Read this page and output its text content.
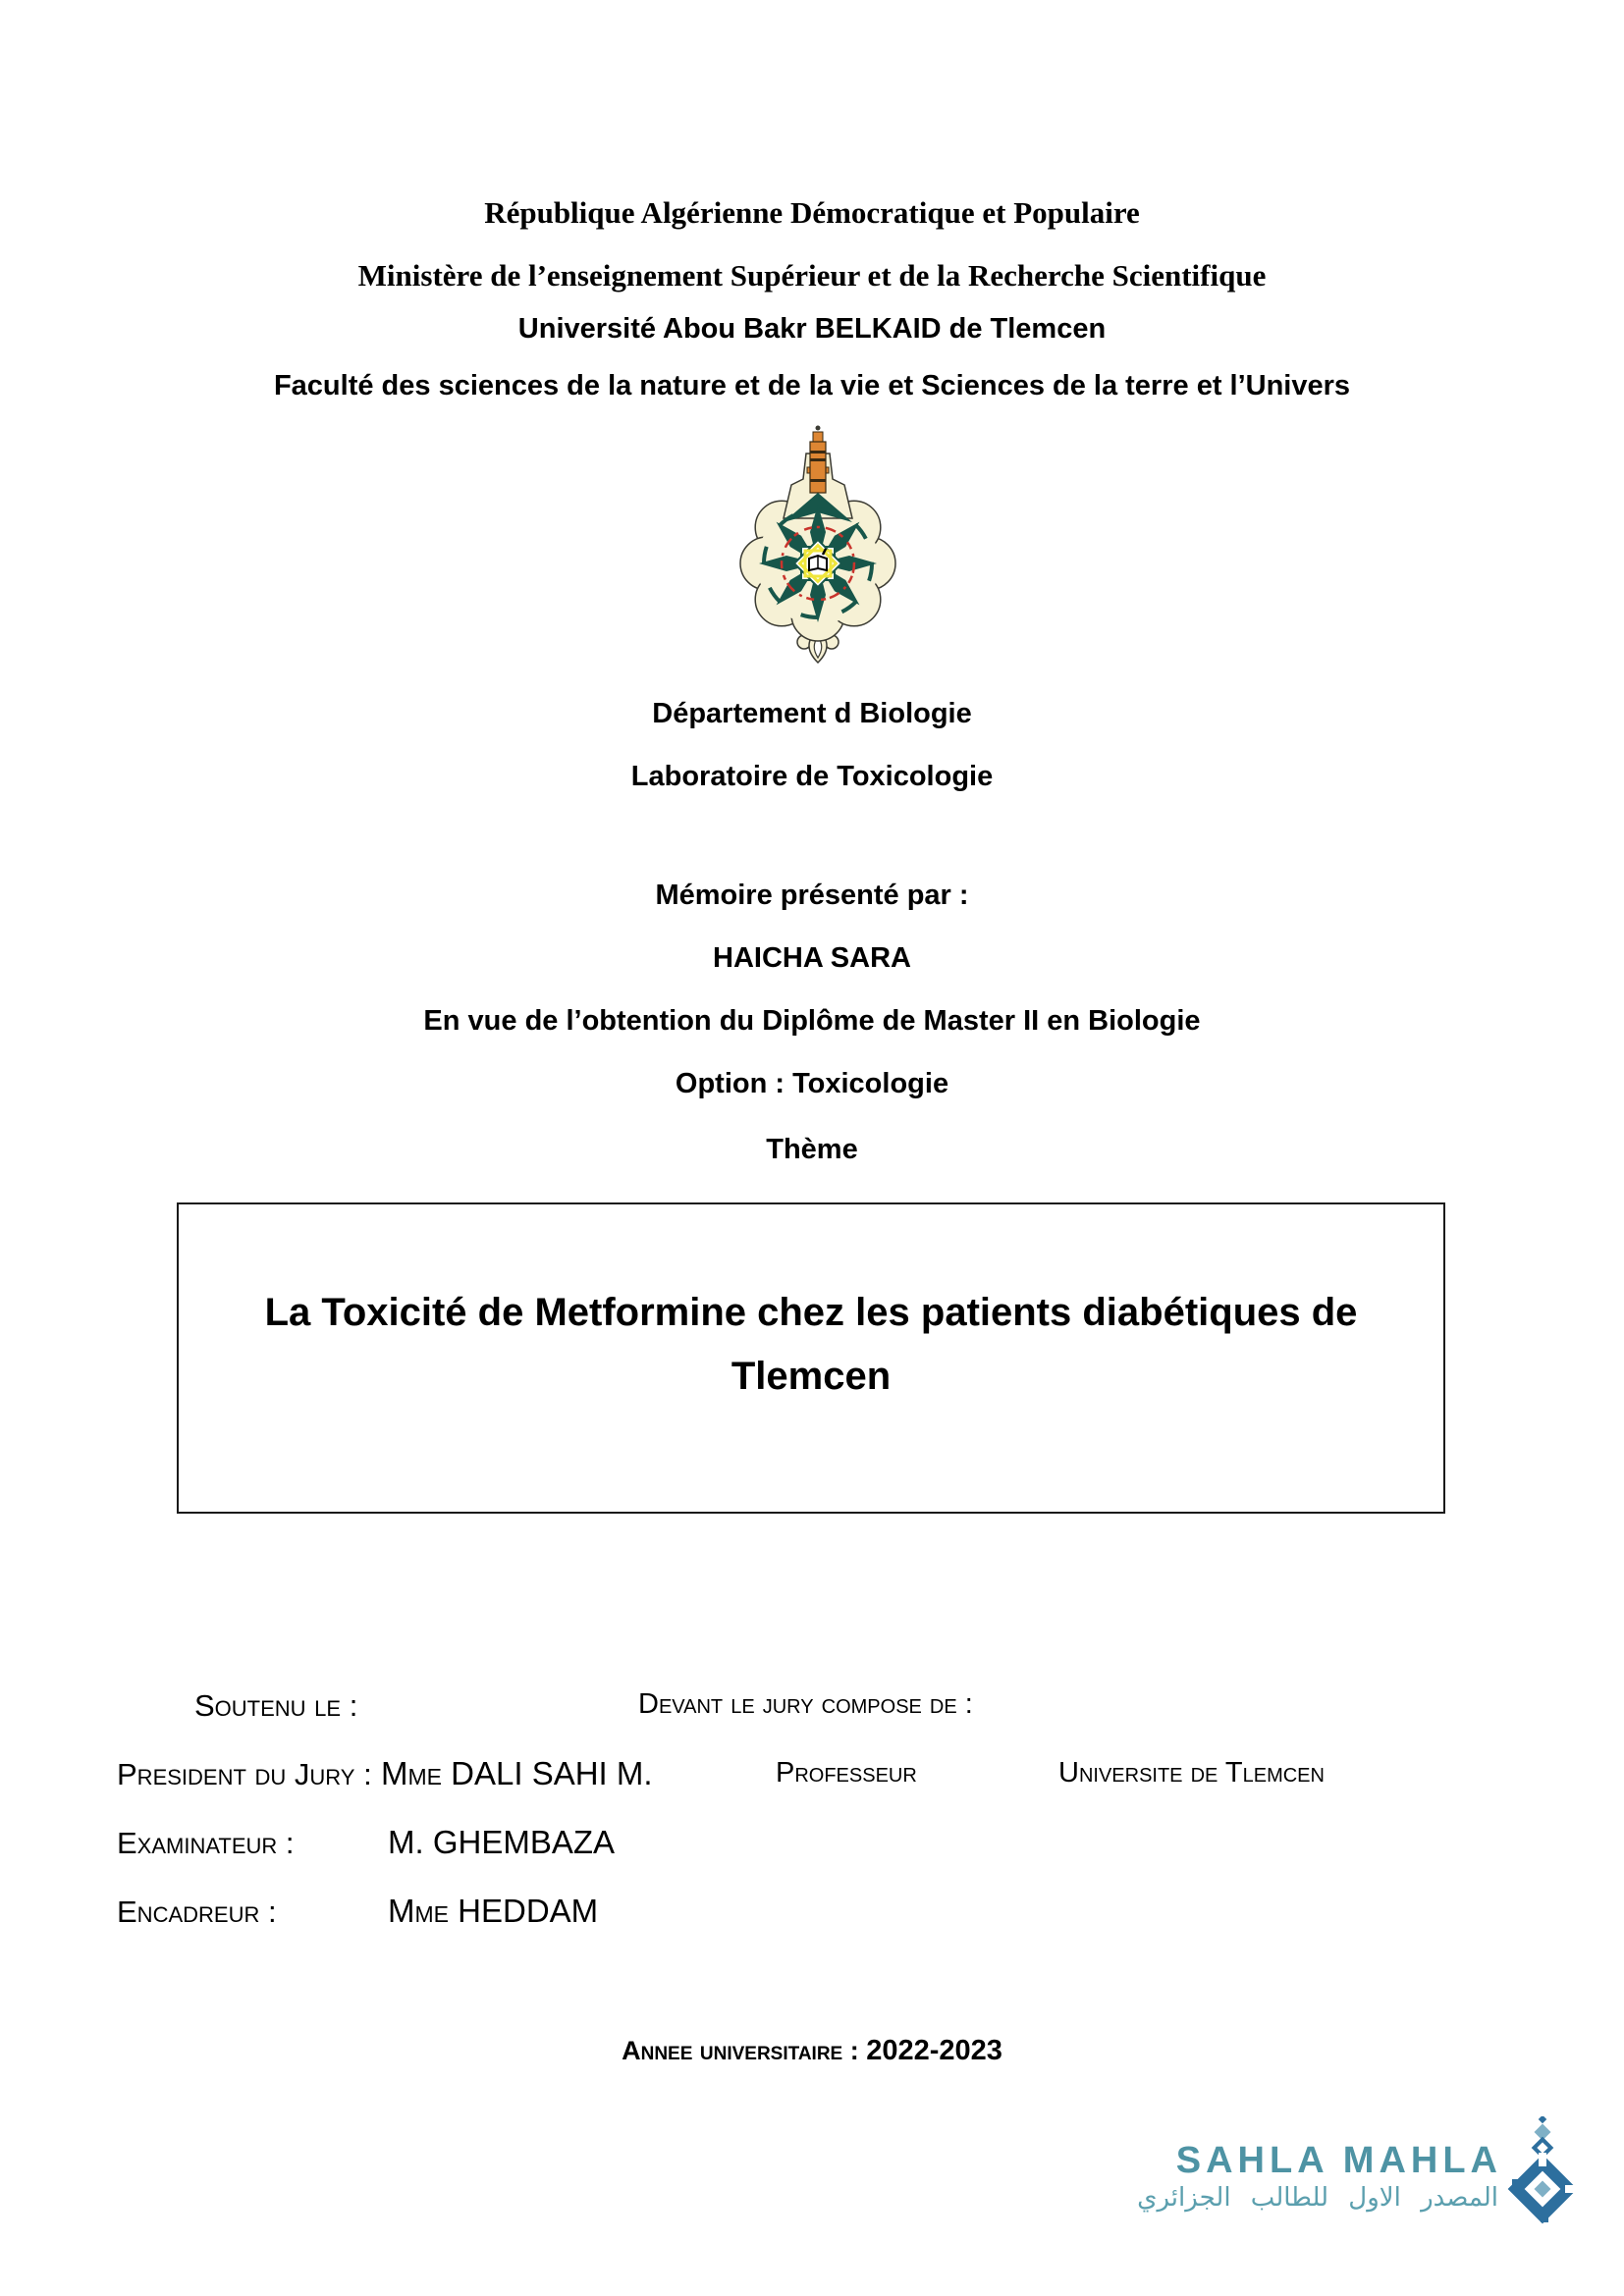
République Algérienne Démocratique et Populaire
Ministère de l’enseignement Supérieur et de la Recherche Scientifique
Université Abou Bakr BELKAID de Tlemcen
Faculté des sciences de la nature et de la vie et Sciences de la terre et l’Univers
Département d Biologie
Laboratoire de Toxicologie
Mémoire présenté par :
HAICHA SARA
En vue de l’obtention du Diplôme de Master II en Biologie
Option : Toxicologie
Thème
La Toxicité de Metformine chez les patients diabétiques de
Tlemcen
Soutenu le :	Devant le jury compose de :
President du Jury : Mme DALI SAHI M.	Professeur	Universite de Tlemcen
Examinateur :	M. GHEMBAZA
Encadreur :	Mme HEDDAM
Annee universitaire : 2022-2023
SAHLA MAHLA
المصدر الاول للطالب الجزائري
